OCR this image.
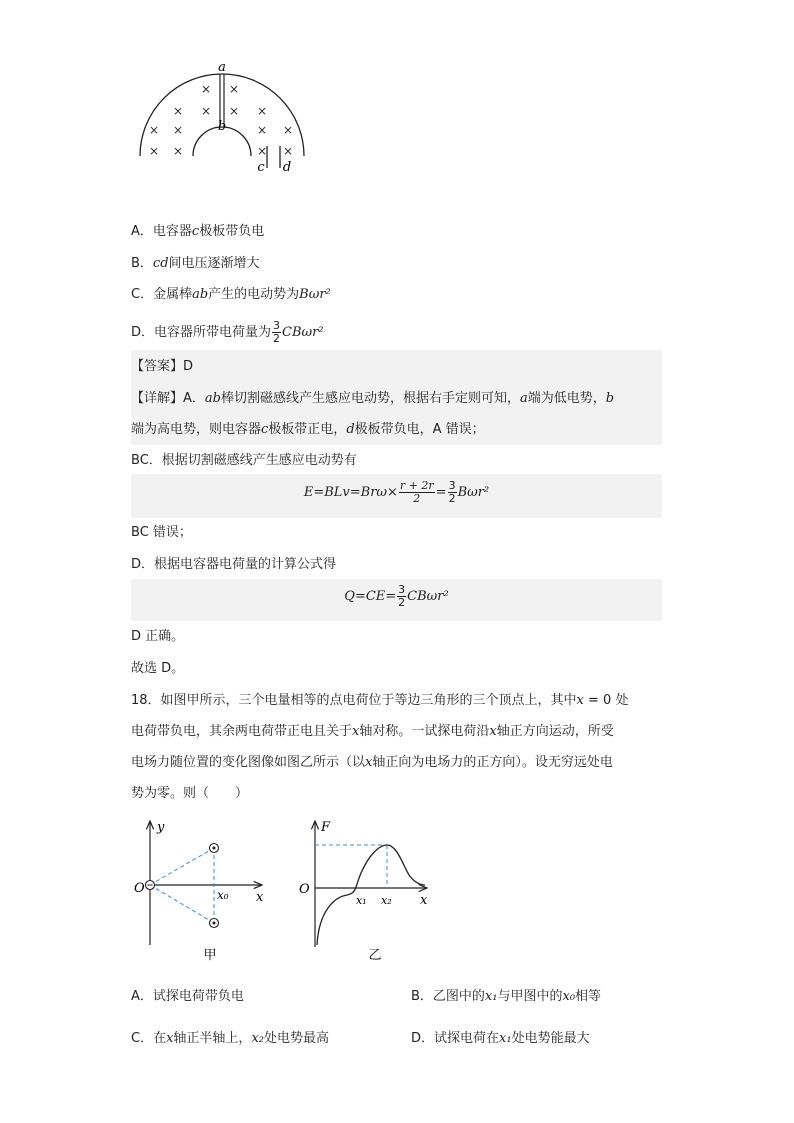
× ×
× × × ×
× ×	× ×
× ×	× ×
a
b
c d
A．电容器c极板带负电
B．cd间电压逐渐增大
C．金属棒ab产生的电动势为Bωr²
D．电容器所带电荷量为 $\frac{3}{2} CB\omega r^2$
【答案】D
【详解】A．ab棒切割磁感线产生感应电动势，根据右手定则可知，a端为低电势，b
端为高电势，则电容器c极板带正电，d极板带负电，A 错误；
BC．根据切割磁感线产生感应电动势有
$E=BLv=Br\omega\times \frac{r + 2r}{2} = \frac{3}{2} B\omega r^2$
BC 错误；
D．根据电容器电荷量的计算公式得
$Q=CE= \frac{3}{2} CB\omega r^2$
D 正确。
故选 D。
18．如图甲所示，三个电量相等的点电荷位于等边三角形的三个顶点上，其中x = 0 处
电荷带负电，其余两电荷带正电且关于x轴对称。一试探电荷沿x轴正方向运动，所受
电场力随位置的变化图像如图乙所示（以x轴正向为电场力的正方向）。设无穷远处电
势为零。则（　　）
y
O
x
x₀
甲
F
O
x
x₁ x₂
乙
A．试探电荷带负电	B．乙图中的x₁与甲图中的x₀相等
C．在x轴正半轴上，x₂处电势最高	D．试探电荷在x₁处电势能最大
